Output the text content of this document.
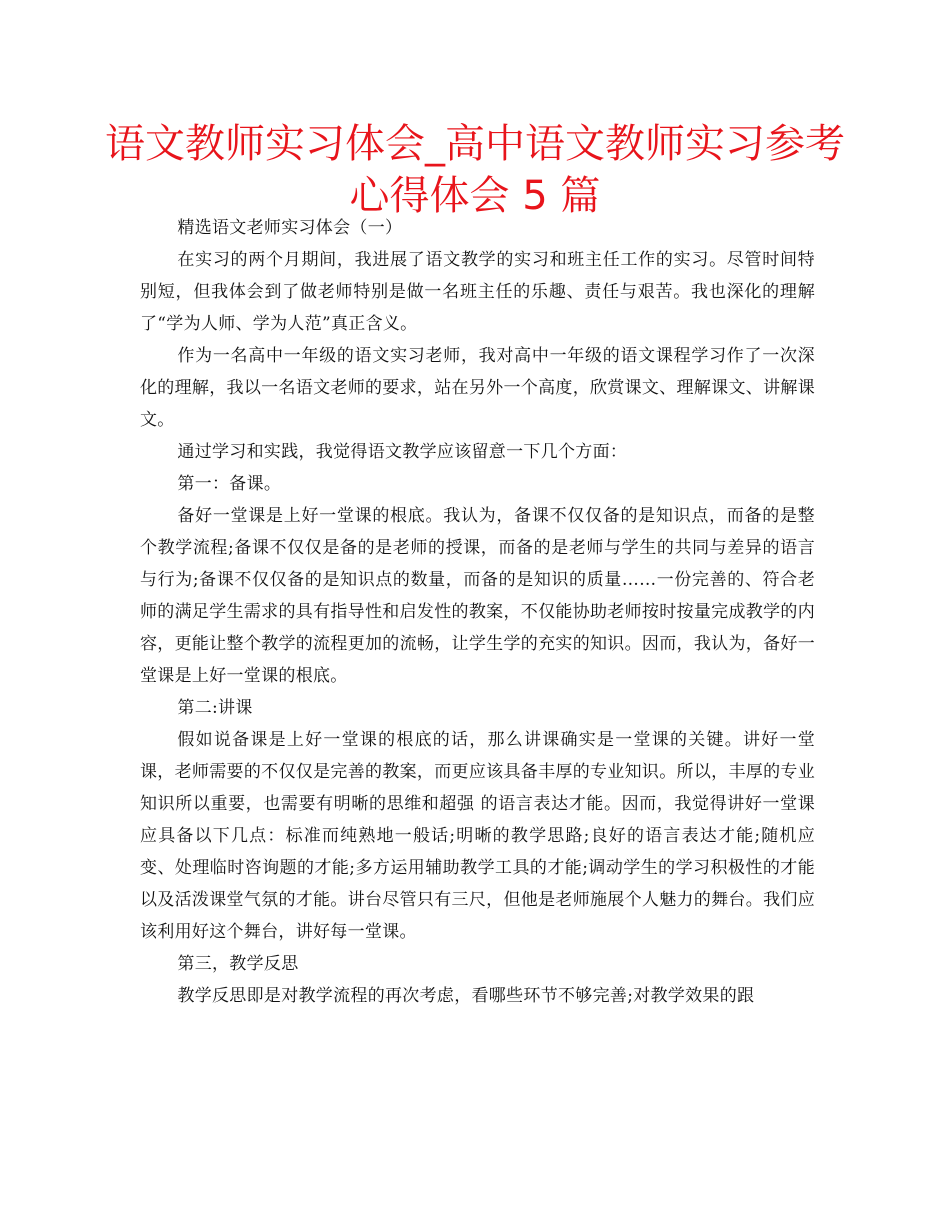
语文教师实习体会_高中语文教师实习参考
心得体会 5 篇

精选语文老师实习体会（一）

在实习的两个月期间，我进展了语文教学的实习和班主任工作的实习。尽管时间特别短，但我体会到了做老师特别是做一名班主任的乐趣、责任与艰苦。我也深化的理解了“学为人师、学为人范”真正含义。

作为一名高中一年级的语文实习老师，我对高中一年级的语文课程学习作了一次深化的理解，我以一名语文老师的要求，站在另外一个高度，欣赏课文、理解课文、讲解课文。

通过学习和实践，我觉得语文教学应该留意一下几个方面：

第一：备课。

备好一堂课是上好一堂课的根底。我认为，备课不仅仅备的是知识点，而备的是整个教学流程;备课不仅仅是备的是老师的授课，而备的是老师与学生的共同与差异的语言与行为;备课不仅仅备的是知识点的数量，而备的是知识的质量……一份完善的、符合老师的满足学生需求的具有指导性和启发性的教案，不仅能协助老师按时按量完成教学的内容，更能让整个教学的流程更加的流畅，让学生学的充实的知识。因而，我认为，备好一堂课是上好一堂课的根底。

第二:讲课

假如说备课是上好一堂课的根底的话，那么讲课确实是一堂课的关键。讲好一堂课，老师需要的不仅仅是完善的教案，而更应该具备丰厚的专业知识。所以，丰厚的专业知识所以重要，也需要有明晰的思维和超强 的语言表达才能。因而，我觉得讲好一堂课应具备以下几点：标准而纯熟地一般话;明晰的教学思路;良好的语言表达才能;随机应变、处理临时咨询题的才能;多方运用辅助教学工具的才能;调动学生的学习积极性的才能以及活泼课堂气氛的才能。讲台尽管只有三尺，但他是老师施展个人魅力的舞台。我们应该利用好这个舞台，讲好每一堂课。

第三，教学反思

教学反思即是对教学流程的再次考虑，看哪些环节不够完善;对教学效果的跟
